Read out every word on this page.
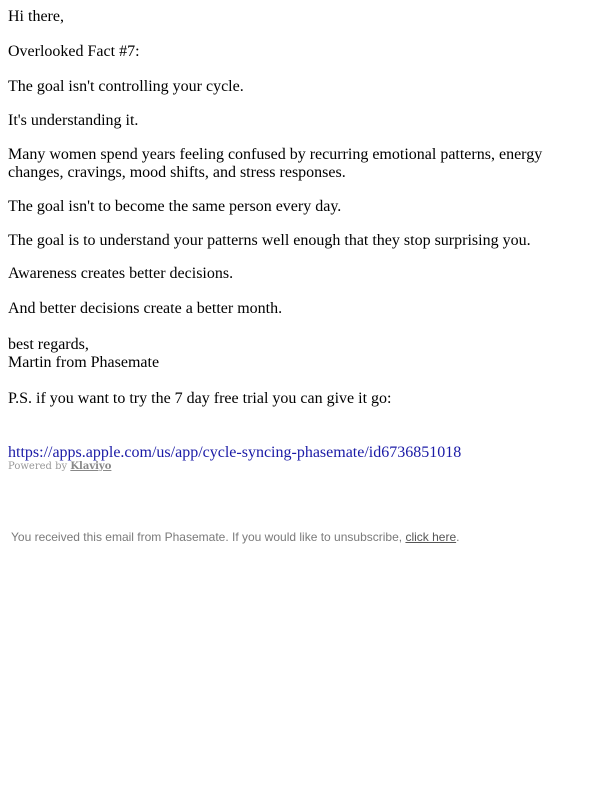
Hi there,

Overlooked Fact #7:

The goal isn't controlling your cycle.

It's understanding it.

Many women spend years feeling confused by recurring emotional patterns, energy
changes, cravings, mood shifts, and stress responses.

The goal isn't to become the same person every day.

The goal is to understand your patterns well enough that they stop surprising you.

Awareness creates better decisions.

And better decisions create a better month.

best regards,
Martin from Phasemate

P.S. if you want to try the 7 day free trial you can give it go:

https://apps.apple.com/us/app/cycle-syncing-phasemate/id6736851018

Powered by Klaviyo
You received this email from Phasemate. If you would like to unsubscribe, click here.
